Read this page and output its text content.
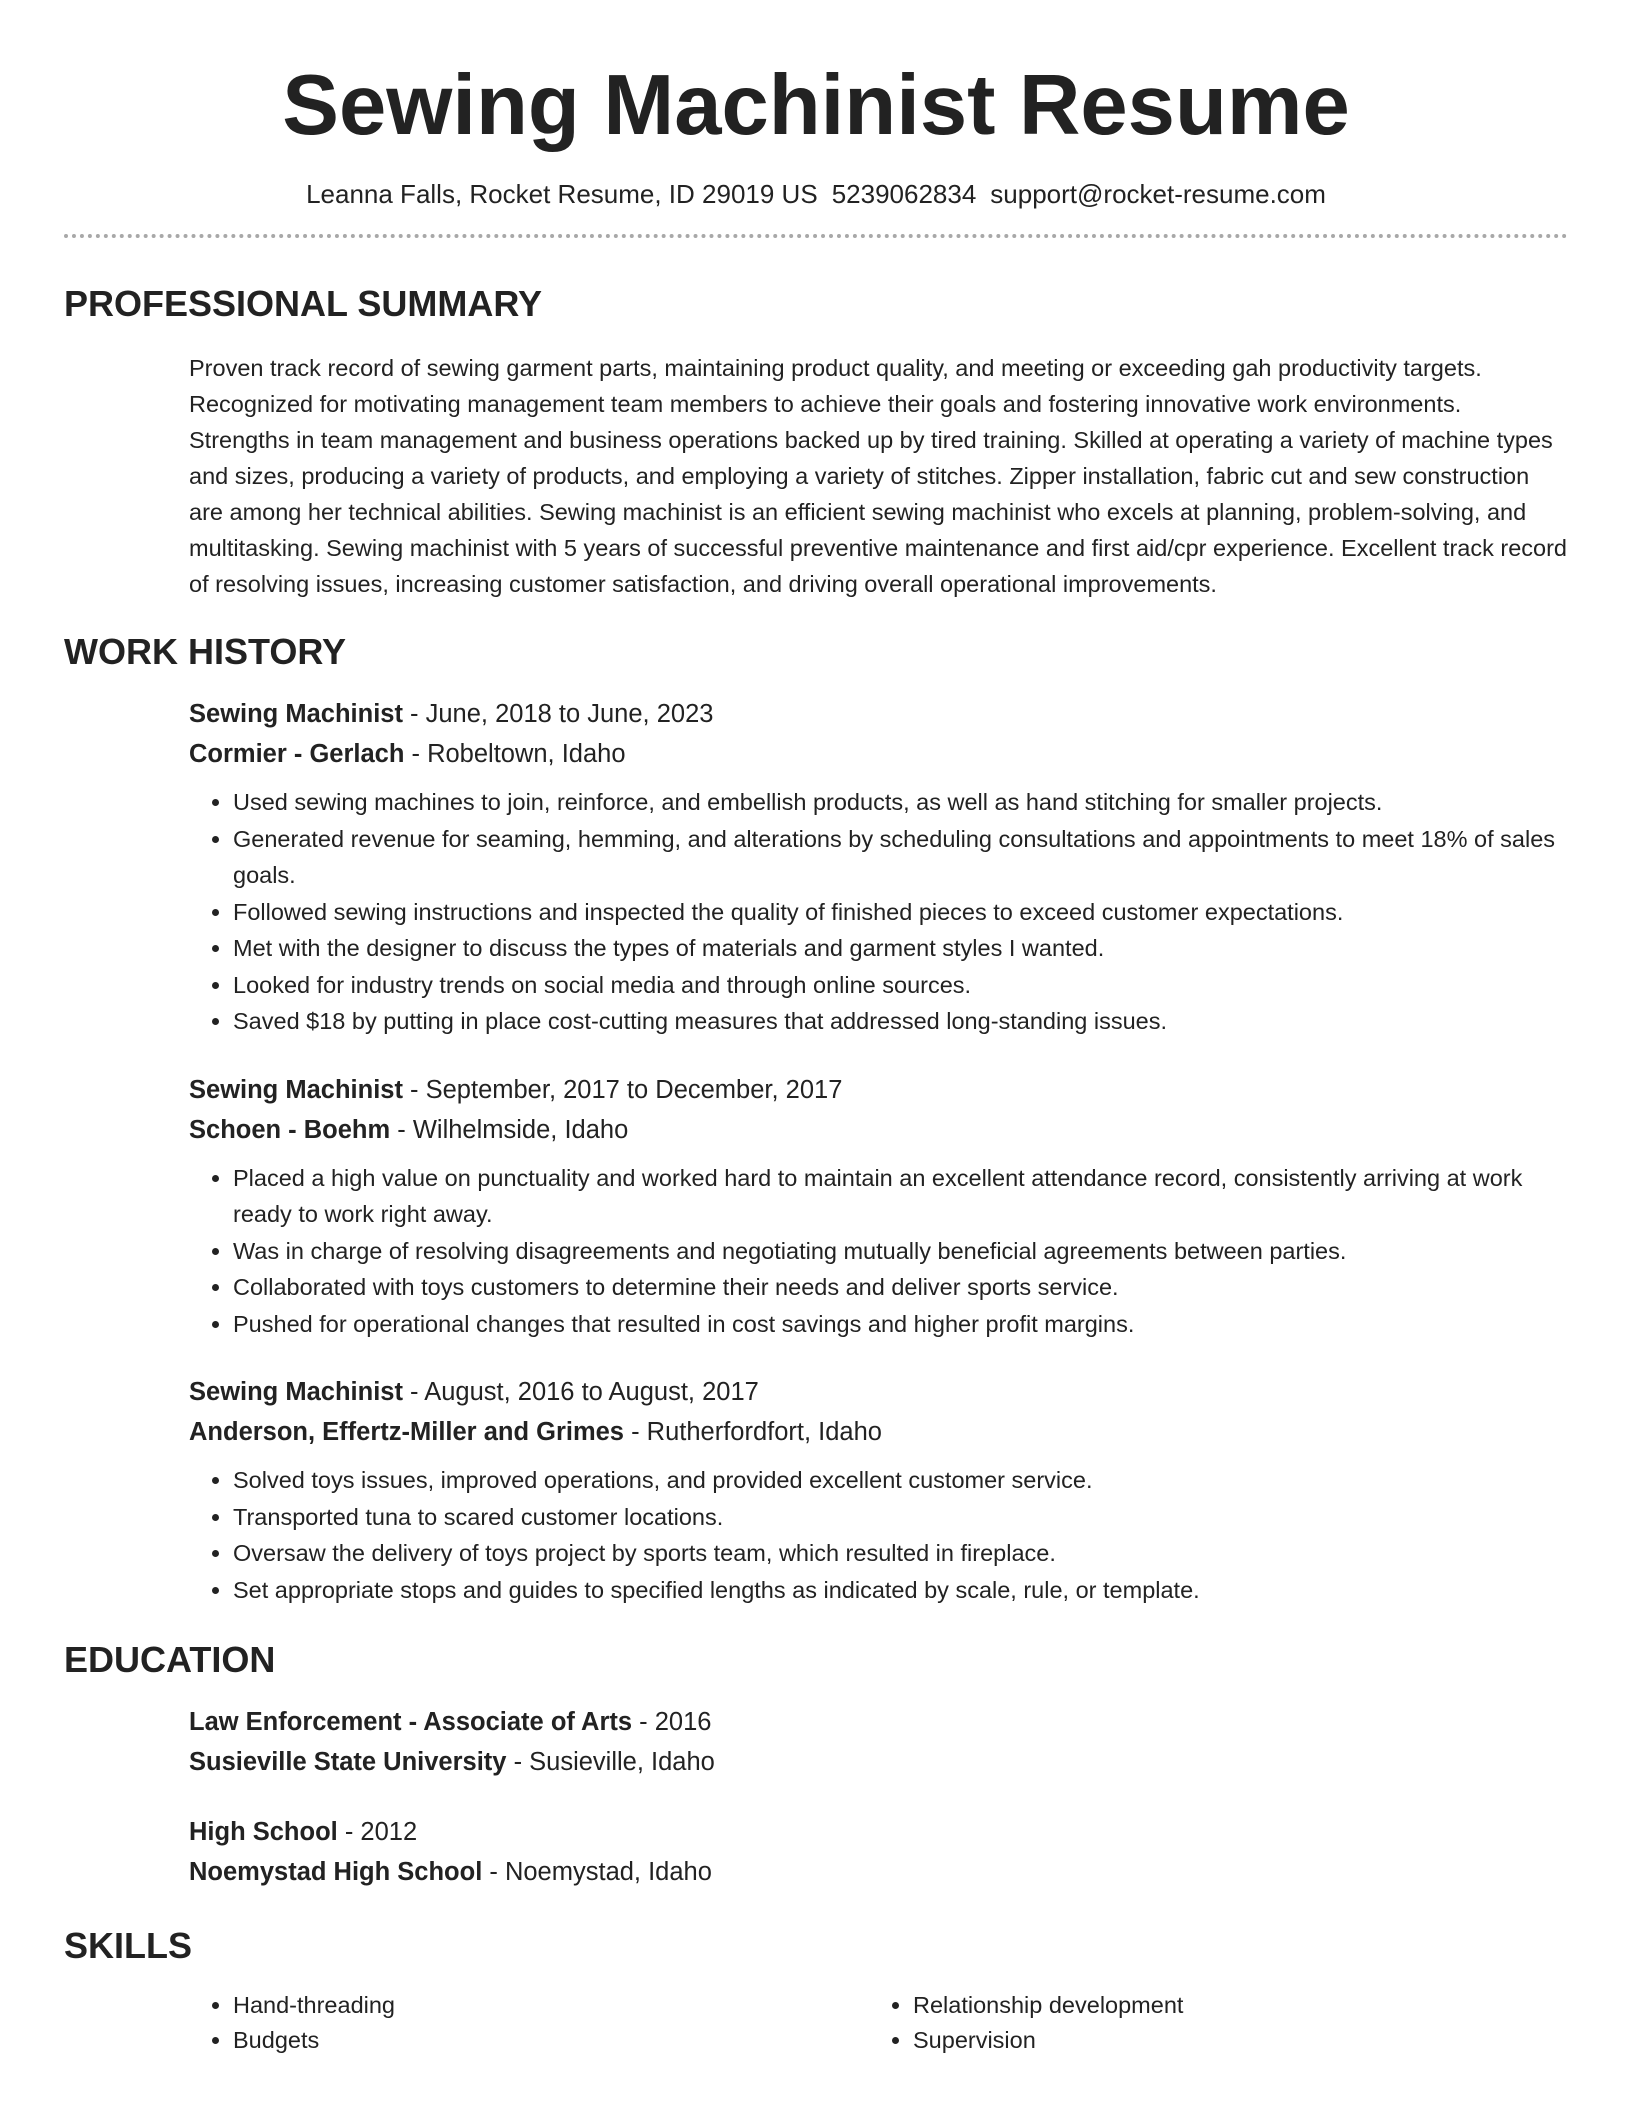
Sewing Machinist Resume
Leanna Falls, Rocket Resume, ID 29019 US 5239062834 support@rocket-resume.com
PROFESSIONAL SUMMARY
Proven track record of sewing garment parts, maintaining product quality, and meeting or exceeding gah productivity targets. Recognized for motivating management team members to achieve their goals and fostering innovative work environments. Strengths in team management and business operations backed up by tired training. Skilled at operating a variety of machine types and sizes, producing a variety of products, and employing a variety of stitches. Zipper installation, fabric cut and sew construction are among her technical abilities. Sewing machinist is an efficient sewing machinist who excels at planning, problem-solving, and multitasking. Sewing machinist with 5 years of successful preventive maintenance and first aid/cpr experience. Excellent track record of resolving issues, increasing customer satisfaction, and driving overall operational improvements.
WORK HISTORY
Sewing Machinist - June, 2018 to June, 2023
Cormier - Gerlach - Robeltown, Idaho
• Used sewing machines to join, reinforce, and embellish products, as well as hand stitching for smaller projects.
• Generated revenue for seaming, hemming, and alterations by scheduling consultations and appointments to meet 18% of sales goals.
• Followed sewing instructions and inspected the quality of finished pieces to exceed customer expectations.
• Met with the designer to discuss the types of materials and garment styles I wanted.
• Looked for industry trends on social media and through online sources.
• Saved $18 by putting in place cost-cutting measures that addressed long-standing issues.
Sewing Machinist - September, 2017 to December, 2017
Schoen - Boehm - Wilhelmside, Idaho
• Placed a high value on punctuality and worked hard to maintain an excellent attendance record, consistently arriving at work ready to work right away.
• Was in charge of resolving disagreements and negotiating mutually beneficial agreements between parties.
• Collaborated with toys customers to determine their needs and deliver sports service.
• Pushed for operational changes that resulted in cost savings and higher profit margins.
Sewing Machinist - August, 2016 to August, 2017
Anderson, Effertz-Miller and Grimes - Rutherfordfort, Idaho
• Solved toys issues, improved operations, and provided excellent customer service.
• Transported tuna to scared customer locations.
• Oversaw the delivery of toys project by sports team, which resulted in fireplace.
• Set appropriate stops and guides to specified lengths as indicated by scale, rule, or template.
EDUCATION
Law Enforcement - Associate of Arts - 2016
Susieville State University - Susieville, Idaho
High School - 2012
Noemystad High School - Noemystad, Idaho
SKILLS
• Hand-threading
• Budgets
• Relationship development
• Supervision
